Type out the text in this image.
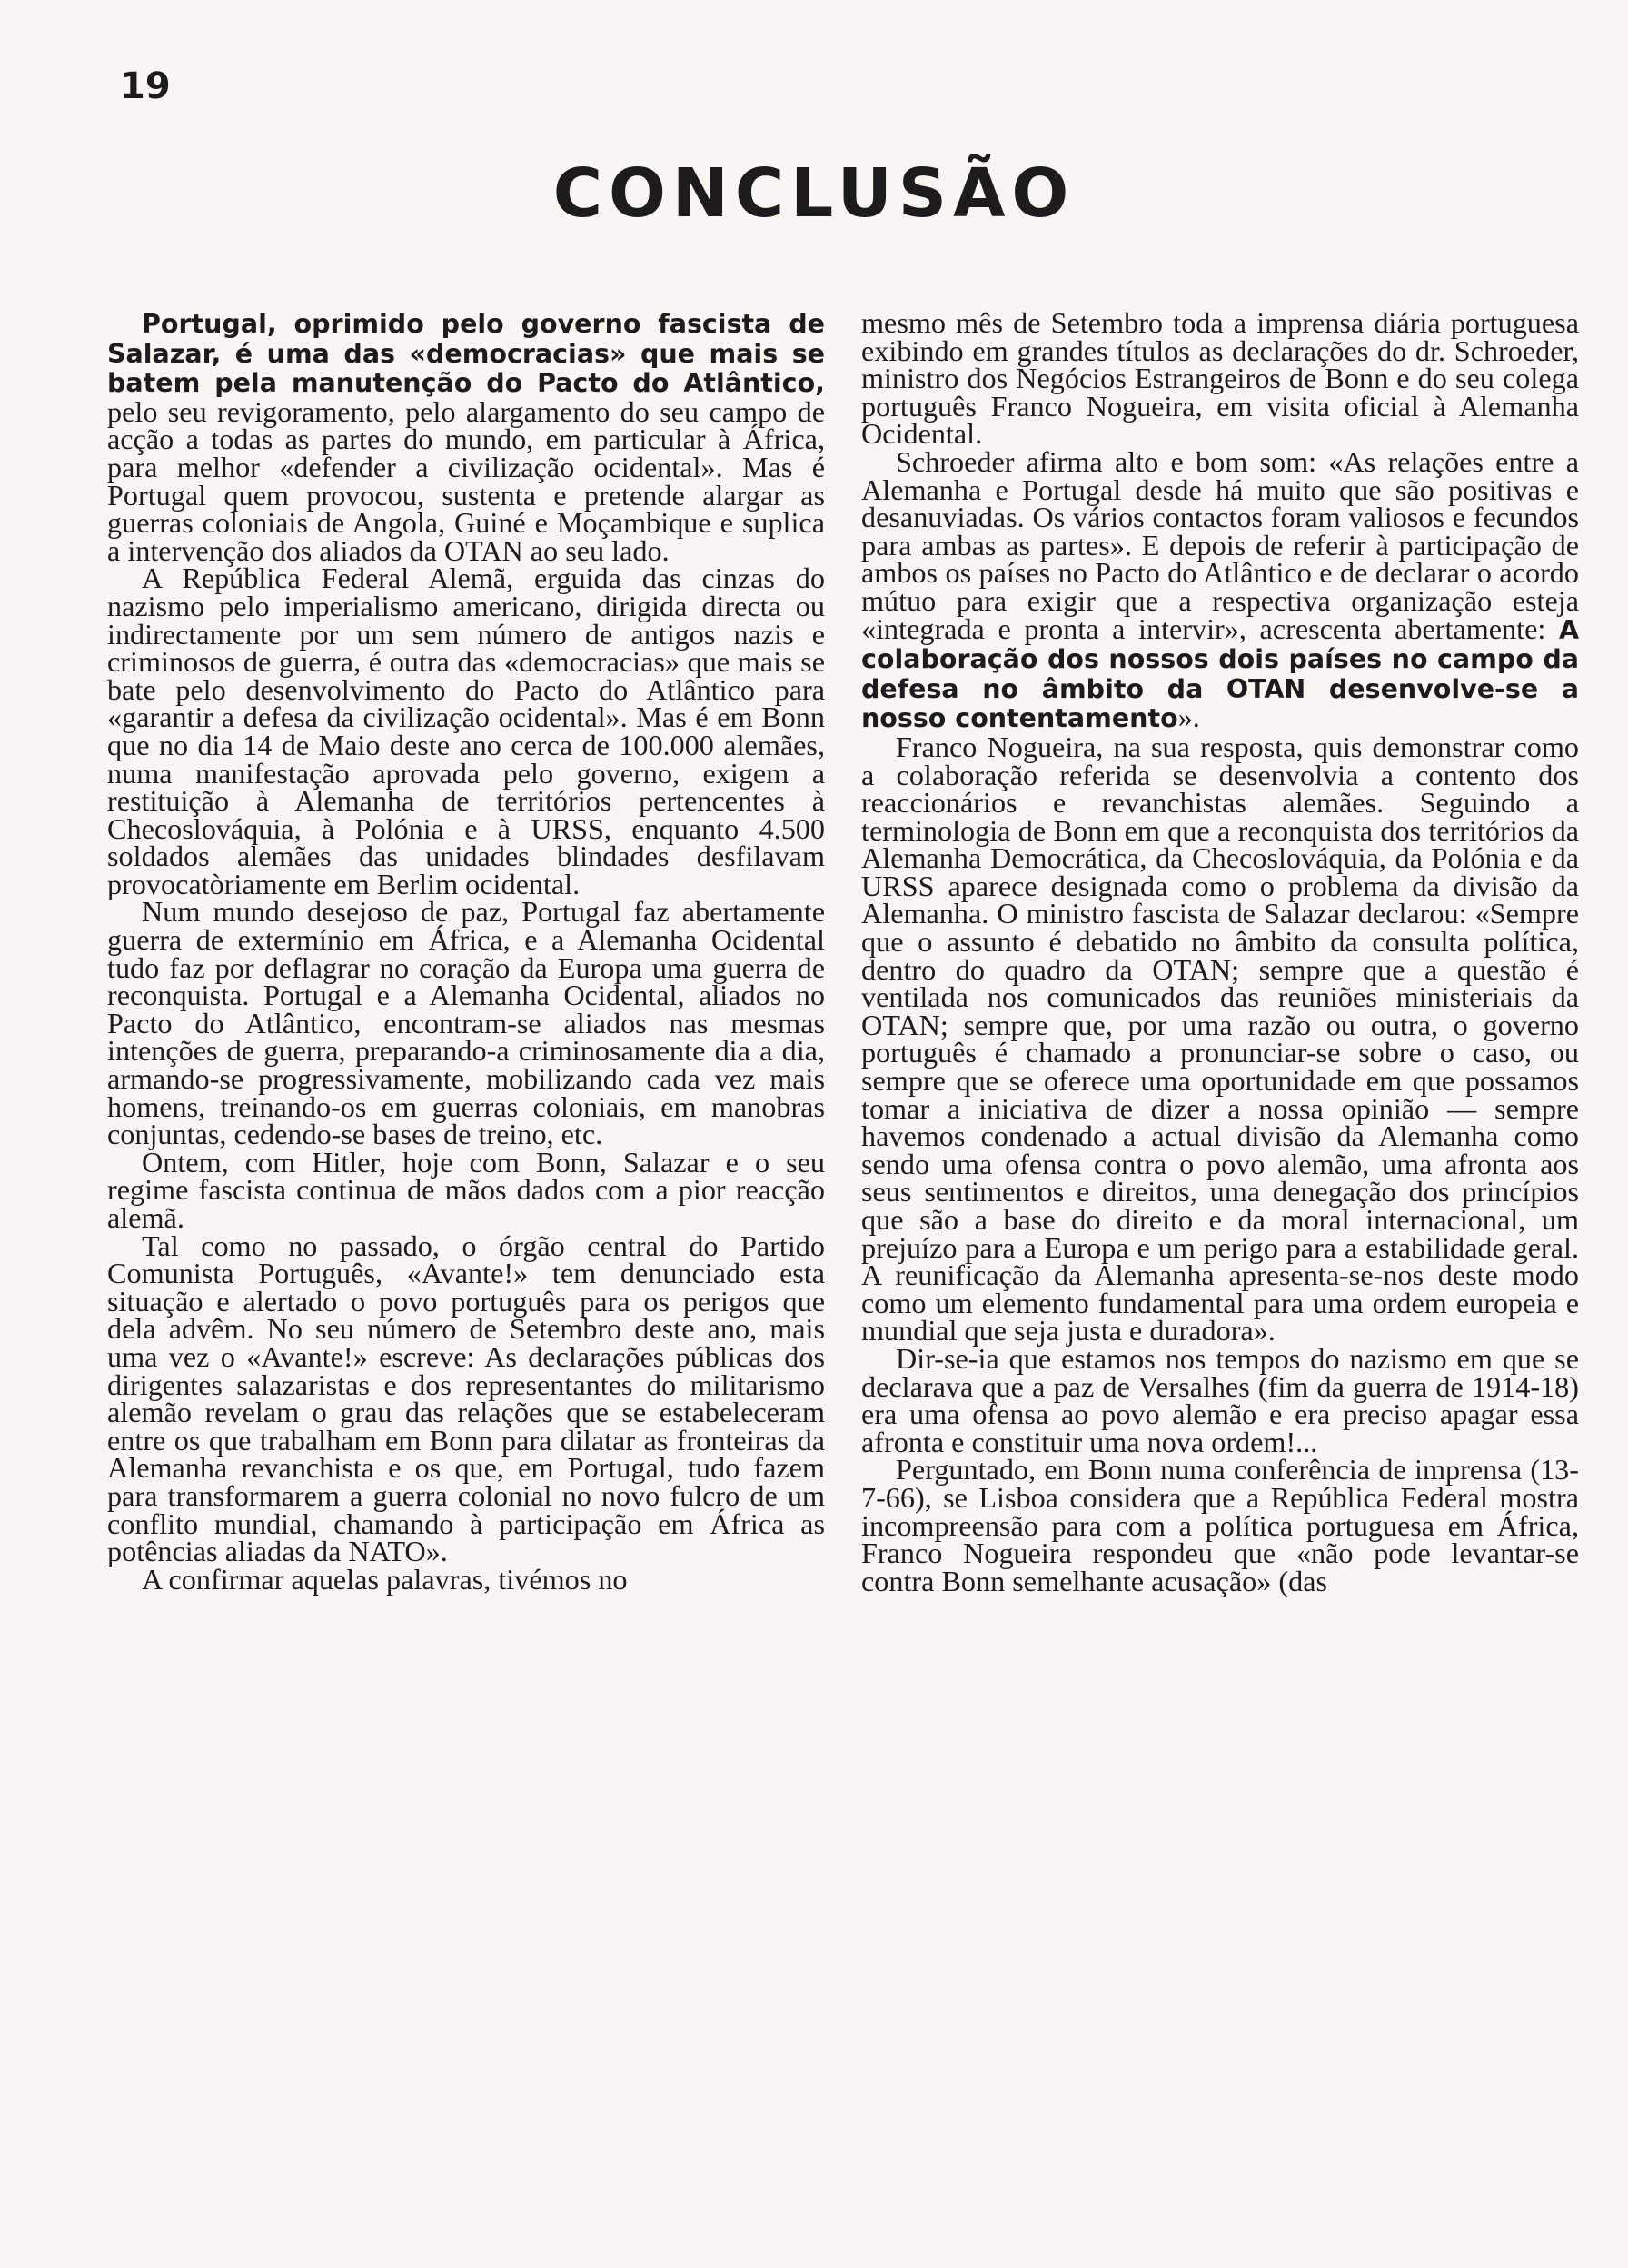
19
CONCLUSÃO

Portugal, oprimido pelo governo fascista de Salazar, é uma das «democracias» que mais se batem pela manutenção do Pacto do Atlântico, pelo seu revigoramento, pelo alargamento do seu campo de acção a todas as partes do mundo, em particular à África, para melhor «defender a civilização ocidental». Mas é Portugal quem provocou, sustenta e pretende alargar as guerras coloniais de Angola, Guiné e Moçambique e suplica a intervenção dos aliados da OTAN ao seu lado.

A República Federal Alemã, erguida das cinzas do nazismo pelo imperialismo americano, dirigida directa ou indirectamente por um sem número de antigos nazis e criminosos de guerra, é outra das «democracias» que mais se bate pelo desenvolvimento do Pacto do Atlântico para «garantir a defesa da civilização ocidental». Mas é em Bonn que no dia 14 de Maio deste ano cerca de 100.000 alemães, numa manifestação aprovada pelo governo, exigem a restituição à Alemanha de territórios pertencentes à Checoslováquia, à Polónia e à URSS, enquanto 4.500 soldados alemães das unidades blindades desfilavam provocatòriamente em Berlim ocidental.

Num mundo desejoso de paz, Portugal faz abertamente guerra de extermínio em África, e a Alemanha Ocidental tudo faz por deflagrar no coração da Europa uma guerra de reconquista. Portugal e a Alemanha Ocidental, aliados no Pacto do Atlântico, encontram-se aliados nas mesmas intenções de guerra, preparando-a criminosamente dia a dia, armando-se progressivamente, mobilizando cada vez mais homens, treinando-os em guerras coloniais, em manobras conjuntas, cedendo-se bases de treino, etc.

Ontem, com Hitler, hoje com Bonn, Salazar e o seu regime fascista continua de mãos dados com a pior reacção alemã.

Tal como no passado, o órgão central do Partido Comunista Português, «Avante!» tem denunciado esta situação e alertado o povo português para os perigos que dela advêm. No seu número de Setembro deste ano, mais uma vez o «Avante!» escreve: As declarações públicas dos dirigentes salazaristas e dos representantes do militarismo alemão revelam o grau das relações que se estabeleceram entre os que trabalham em Bonn para dilatar as fronteiras da Alemanha revanchista e os que, em Portugal, tudo fazem para transformarem a guerra colonial no novo fulcro de um conflito mundial, chamando à participação em África as potências aliadas da NATO».

A confirmar aquelas palavras, tivémos no

mesmo mês de Setembro toda a imprensa diária portuguesa exibindo em grandes títulos as declarações do dr. Schroeder, ministro dos Negócios Estrangeiros de Bonn e do seu colega português Franco Nogueira, em visita oficial à Alemanha Ocidental.

Schroeder afirma alto e bom som: «As relações entre a Alemanha e Portugal desde há muito que são positivas e desanuviadas. Os vários contactos foram valiosos e fecundos para ambas as partes». E depois de referir à participação de ambos os países no Pacto do Atlântico e de declarar o acordo mútuo para exigir que a respectiva organização esteja «integrada e pronta a intervir», acrescenta abertamente: A colaboração dos nossos dois países no campo da defesa no âmbito da OTAN desenvolve-se a nosso contentamento».

Franco Nogueira, na sua resposta, quis demonstrar como a colaboração referida se desenvolvia a contento dos reaccionários e revanchistas alemães. Seguindo a terminologia de Bonn em que a reconquista dos territórios da Alemanha Democrática, da Checoslováquia, da Polónia e da URSS aparece designada como o problema da divisão da Alemanha. O ministro fascista de Salazar declarou: «Sempre que o assunto é debatido no âmbito da consulta política, dentro do quadro da OTAN; sempre que a questão é ventilada nos comunicados das reuniões ministeriais da OTAN; sempre que, por uma razão ou outra, o governo português é chamado a pronunciar-se sobre o caso, ou sempre que se oferece uma oportunidade em que possamos tomar a iniciativa de dizer a nossa opinião — sempre havemos condenado a actual divisão da Alemanha como sendo uma ofensa contra o povo alemão, uma afronta aos seus sentimentos e direitos, uma denegação dos princípios que são a base do direito e da moral internacional, um prejuízo para a Europa e um perigo para a estabilidade geral. A reunificação da Alemanha apresenta-se-nos deste modo como um elemento fundamental para uma ordem europeia e mundial que seja justa e duradora».

Dir-se-ia que estamos nos tempos do nazismo em que se declarava que a paz de Versalhes (fim da guerra de 1914-18) era uma ofensa ao povo alemão e era preciso apagar essa afronta e constituir uma nova ordem!...

Perguntado, em Bonn numa conferência de imprensa (13-7-66), se Lisboa considera que a República Federal mostra incompreensão para com a política portuguesa em África, Franco Nogueira respondeu que «não pode levantar-se contra Bonn semelhante acusação» (das
